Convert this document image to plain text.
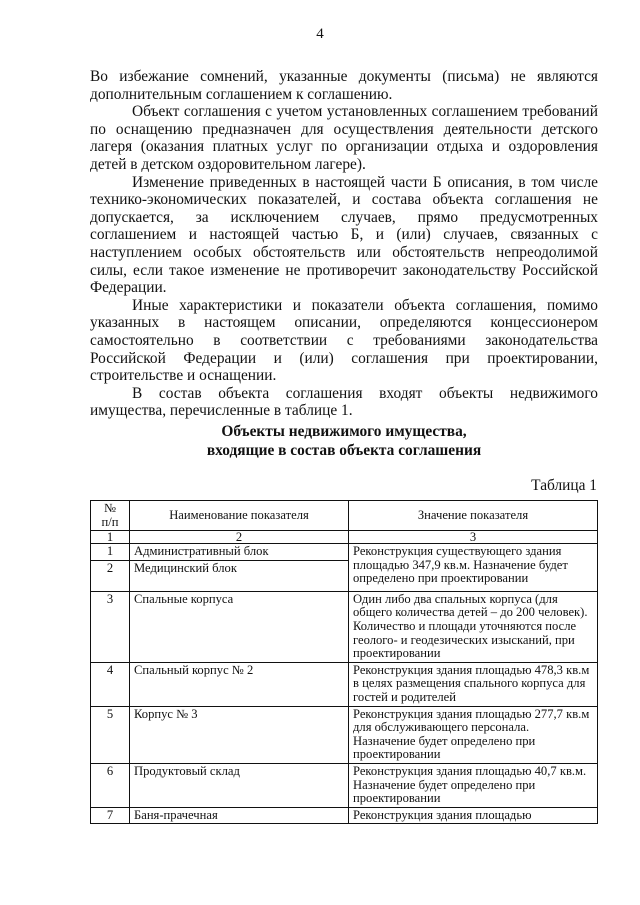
4

Во избежание сомнений, указанные документы (письма) не являются дополнительным соглашением к соглашению.

Объект соглашения с учетом установленных соглашением требований по оснащению предназначен для осуществления деятельности детского лагеря (оказания платных услуг по организации отдыха и оздоровления детей в детском оздоровительном лагере).

Изменение приведенных в настоящей части Б описания, в том числе технико-экономических показателей, и состава объекта соглашения не допускается, за исключением случаев, прямо предусмотренных соглашением и настоящей частью Б, и (или) случаев, связанных с наступлением особых обстоятельств или обстоятельств непреодолимой силы, если такое изменение не противоречит законодательству Российской Федерации.

Иные характеристики и показатели объекта соглашения, помимо указанных в настоящем описании, определяются концессионером самостоятельно в соответствии с требованиями законодательства Российской Федерации и (или) соглашения при проектировании, строительстве и оснащении.

В состав объекта соглашения входят объекты недвижимого имущества, перечисленные в таблице 1.

Объекты недвижимого имущества,
входящие в состав объекта соглашения
Таблица 1
№
п/п	Наименование показателя	Значение показателя
1	2	3
1	Административный блок	Реконструкция существующего здания площадью 347,9 кв.м. Назначение будет определено при проектировании
2	Медицинский блок	
3	Спальные корпуса	Один либо два спальных корпуса (для общего количества детей – до 200 человек). Количество и площади уточняются после геолого- и геодезических изысканий, при проектировании
4	Спальный корпус № 2	Реконструкция здания площадью 478,3 кв.м в целях размещения спального корпуса для гостей и родителей
5	Корпус № 3	Реконструкция здания площадью 277,7 кв.м для обслуживающего персонала. Назначение будет определено при проектировании
6	Продуктовый склад	Реконструкция здания площадью 40,7 кв.м. Назначение будет определено при проектировании
7	Баня-прачечная	Реконструкция здания площадью
